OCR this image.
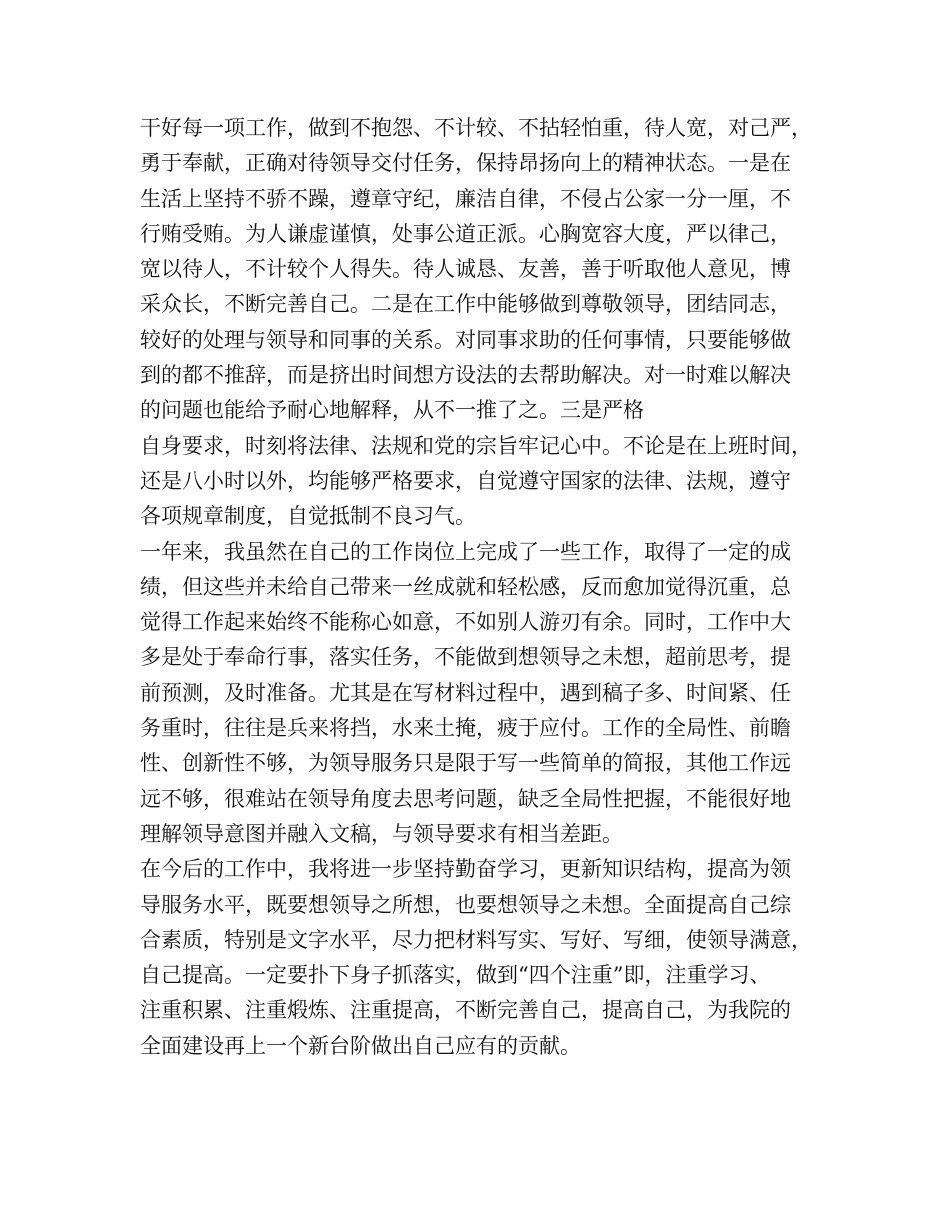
干好每一项工作，做到不抱怨、不计较、不拈轻怕重，待人宽，对己严，
勇于奉献，正确对待领导交付任务，保持昂扬向上的精神状态。一是在
生活上坚持不骄不躁，遵章守纪，廉洁自律，不侵占公家一分一厘，不
行贿受贿。为人谦虚谨慎，处事公道正派。心胸宽容大度，严以律己，
宽以待人，不计较个人得失。待人诚恳、友善，善于听取他人意见，博
采众长，不断完善自己。二是在工作中能够做到尊敬领导，团结同志，
较好的处理与领导和同事的关系。对同事求助的任何事情，只要能够做
到的都不推辞，而是挤出时间想方设法的去帮助解决。对一时难以解决
的问题也能给予耐心地解释，从不一推了之。三是严格
自身要求，时刻将法律、法规和党的宗旨牢记心中。不论是在上班时间，
还是八小时以外，均能够严格要求，自觉遵守国家的法律、法规，遵守
各项规章制度，自觉抵制不良习气。
一年来，我虽然在自己的工作岗位上完成了一些工作，取得了一定的成
绩，但这些并未给自己带来一丝成就和轻松感，反而愈加觉得沉重，总
觉得工作起来始终不能称心如意，不如别人游刃有余。同时，工作中大
多是处于奉命行事，落实任务，不能做到想领导之未想，超前思考，提
前预测，及时准备。尤其是在写材料过程中，遇到稿子多、时间紧、任
务重时，往往是兵来将挡，水来土掩，疲于应付。工作的全局性、前瞻
性、创新性不够，为领导服务只是限于写一些简单的简报，其他工作远
远不够，很难站在领导角度去思考问题，缺乏全局性把握，不能很好地
理解领导意图并融入文稿，与领导要求有相当差距。
在今后的工作中，我将进一步坚持勤奋学习，更新知识结构，提高为领
导服务水平，既要想领导之所想，也要想领导之未想。全面提高自己综
合素质，特别是文字水平，尽力把材料写实、写好、写细，使领导满意，
自己提高。一定要扑下身子抓落实，做到“四个注重”即，注重学习、
注重积累、注重煅炼、注重提高，不断完善自己，提高自己，为我院的
全面建设再上一个新台阶做出自己应有的贡献。
